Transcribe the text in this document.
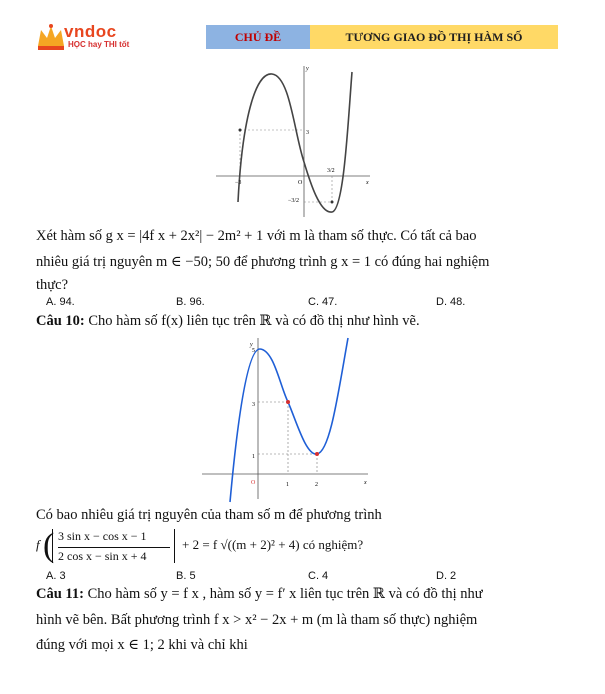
vndoc
HỌC hay THI tốt
CHỦ ĐỀ	TƯƠNG GIAO ĐỒ THỊ HÀM SỐ
y
x
3
O
−3
3/2
−3/2
Xét hàm số g x = |4f x + 2x²| − 2m² + 1 với m là tham số thực. Có tất cả bao
nhiêu giá trị nguyên m ∈ −50; 50 để phương trình g x = 1 có đúng hai nghiệm
thực?
A. 94.	B. 96.	C. 47.	D. 48.
Câu 10: Cho hàm số f(x) liên tục trên ℝ và có đồ thị như hình vẽ.
y
x
O
5
3
1
1	2
Có bao nhiêu giá trị nguyên của tham số m để phương trình
f ( 3 sin x − cos x − 1
2 cos x − sin x + 4
+ 2 = f √((m + 2)² + 4) có nghiệm?
A. 3	B. 5	C. 4	D. 2
Câu 11: Cho hàm số y = f x , hàm số y = f′ x liên tục trên ℝ và có đồ thị như
hình vẽ bên. Bất phương trình f x > x² − 2x + m (m là tham số thực) nghiệm
đúng với mọi x ∈ 1; 2 khi và chỉ khi
